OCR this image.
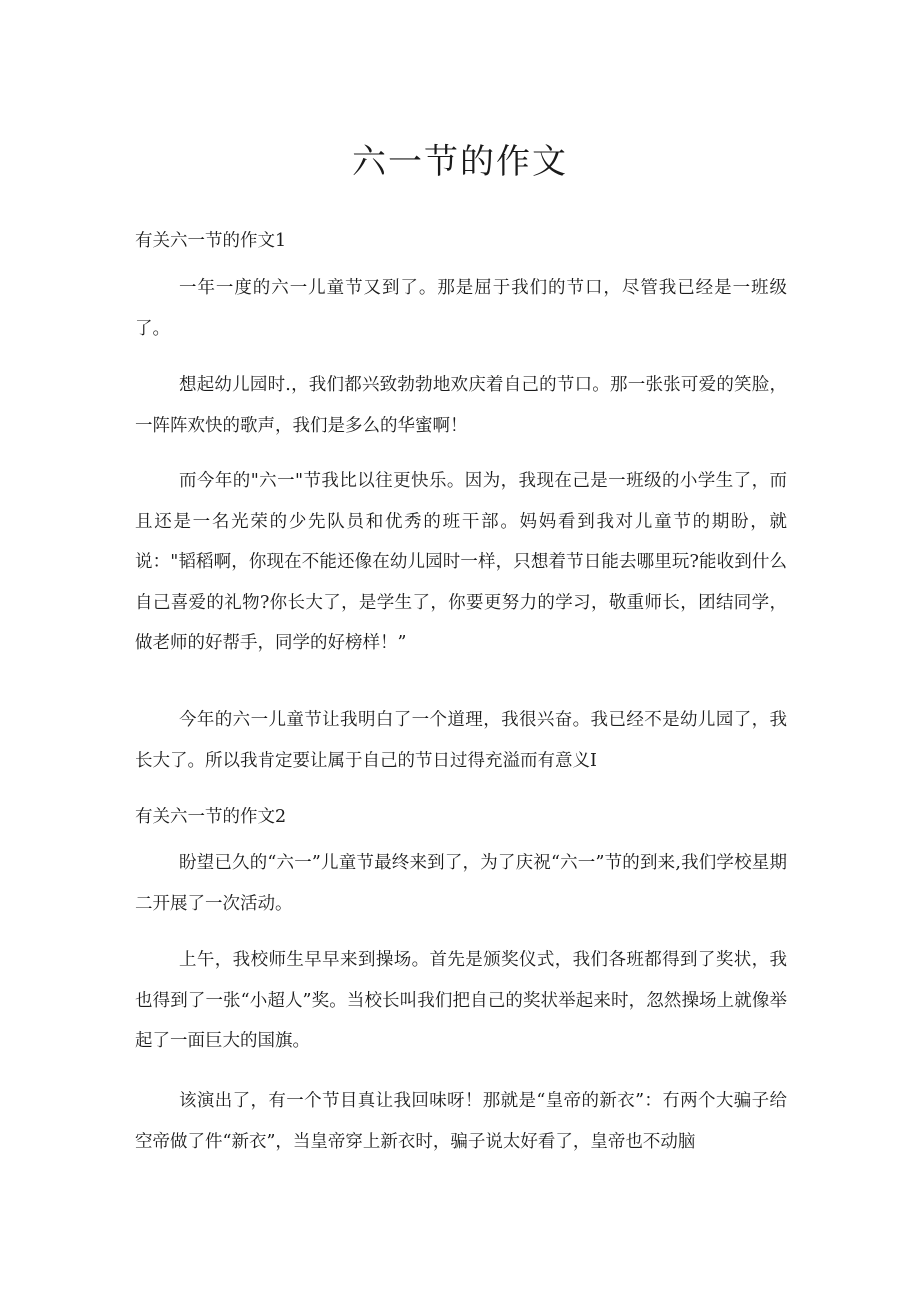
六一节的作文
有关六一节的作文1

一年一度的六一儿童节又到了。那是屈于我们的节口，尽管我已经是一班级了。

想起幼儿园时.，我们都兴致勃勃地欢庆着自己的节口。那一张张可爱的笑脸，一阵阵欢快的歌声，我们是多么的华蜜啊！

而今年的"六一"节我比以往更快乐。因为，我现在己是一班级的小学生了，而且还是一名光荣的少先队员和优秀的班干部。妈妈看到我对儿童节的期盼，就说："韬稻啊，你现在不能还像在幼儿园时一样，只想着节日能去哪里玩?能收到什么自己喜爱的礼物?你长大了，是学生了，你要更努力的学习，敬重师长，团结同学，做老师的好帮手，同学的好榜样！”

今年的六一儿童节让我明白了一个道理，我很兴奋。我已经不是幼儿园了，我长大了。所以我肯定要让属于自己的节日过得充溢而有意义I

有关六一节的作文2

盼望已久的“六一”儿童节最终来到了，为了庆祝“六一”节的到来,我们学校星期二开展了一次活动。

上午，我校师生早早来到操场。首先是颁奖仪式，我们各班都得到了奖状，我也得到了一张“小超人”奖。当校长叫我们把自己的奖状举起来时，忽然操场上就像举起了一面巨大的国旗。

该演出了，有一个节目真让我回味呀！那就是“皇帝的新衣”：冇两个大骗子给空帝做了件“新衣”，当皇帝穿上新衣时，骗子说太好看了，皇帝也不动脑
